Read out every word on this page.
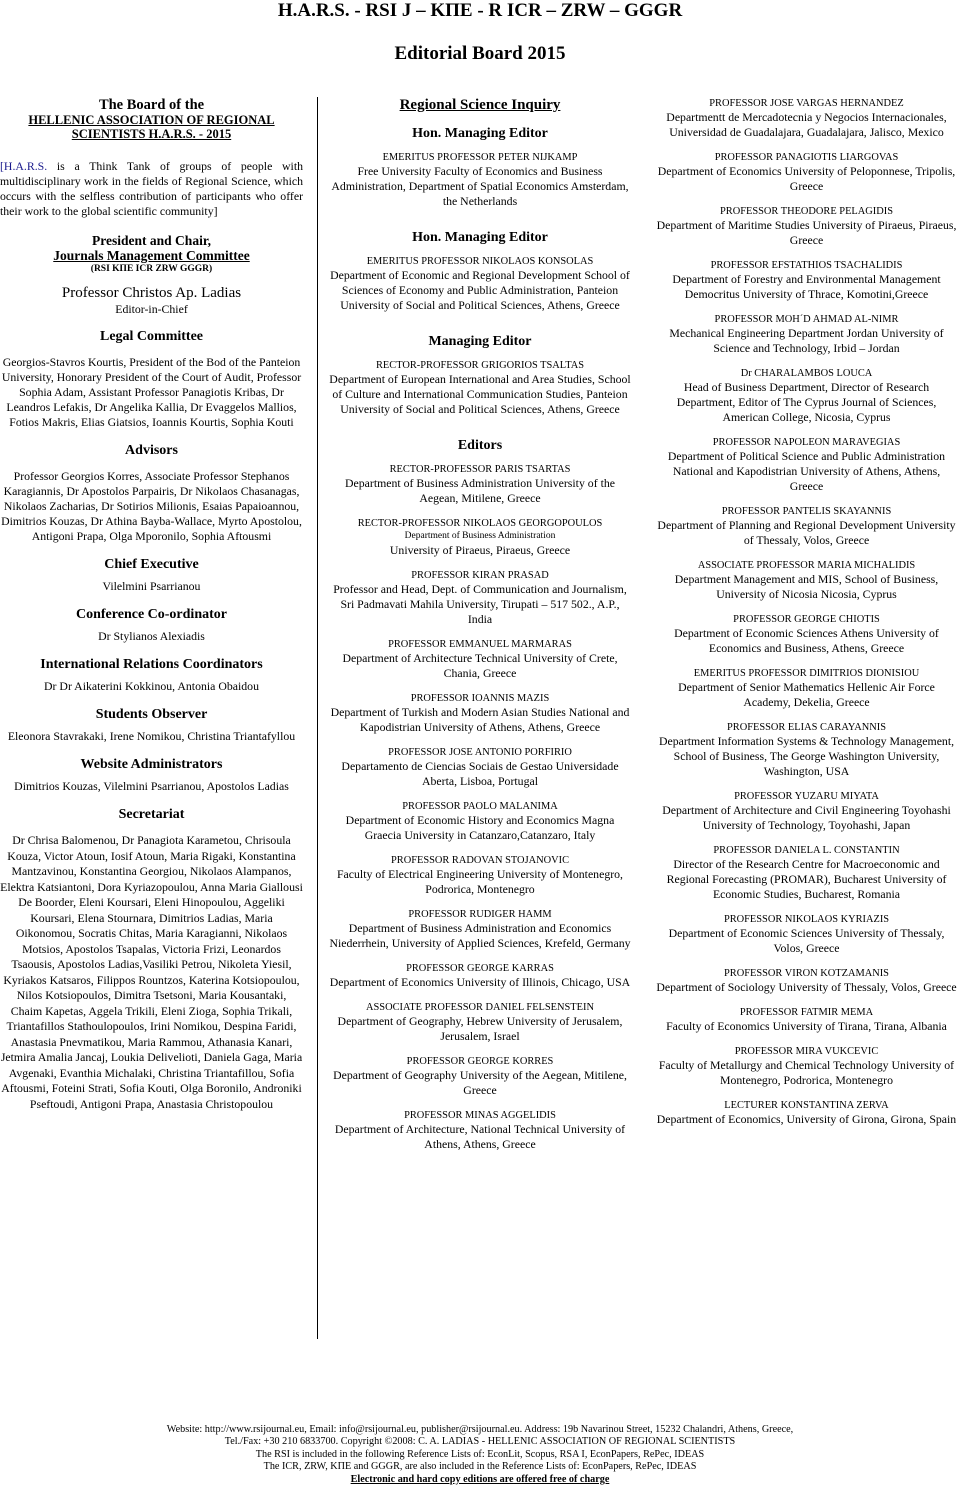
H.A.R.S. - RSI J – ΚΠΕ - R ICR – ZRW – GGGR
Editorial Board 2015

The Board of the

HELLENIC ASSOCIATION OF REGIONAL

SCIENTISTS H.A.R.S. - 2015

[H.A.R.S. is a Think Tank of groups of people with multidisciplinary work in the fields of Regional Science, which occurs with the selfless contribution of participants who offer their work to the global scientific community]

President and Chair,

Journals Management Committee

(RSI ΚΠΕ ICR ZRW GGGR)

Professor Christos Ap. Ladias

Editor-in-Chief

Legal Committee

Georgios-Stavros Kourtis, President of the Bod of the Panteion University, Honorary President of the Court of Audit, Professor Sophia Adam, Assistant Professor Panagiotis Kribas, Dr Leandros Lefakis, Dr Angelika Kallia, Dr Evaggelos Mallios, Fotios Makris, Elias Giatsios, Ioannis Kourtis, Sophia Kouti

Advisors

Professor Georgios Korres, Associate Professor Stephanos Karagiannis, Dr Apostolos Parpairis, Dr Nikolaos Chasanagas, Nikolaos Zacharias, Dr Sotirios Milionis, Esaias Papaioannou, Dimitrios Kouzas, Dr Athina Bayba-Wallace, Myrto Apostolou, Antigoni Prapa, Olga Mporonilo, Sophia Aftousmi

Chief Executive

Vilelmini Psarrianou

Conference Co-ordinator

Dr Stylianos Alexiadis

International Relations Coordinators

Dr Dr Aikaterini Kokkinou, Antonia Obaidou

Students Observer

Eleonora Stavrakaki, Irene Nomikou, Christina Triantafyllou

Website Administrators

Dimitrios Kouzas, Vilelmini Psarrianou, Apostolos Ladias

Secretariat

Dr Chrisa Balomenou, Dr Panagiota Karametou, Chrisoula Kouza, Victor Atoun, Iosif Atoun, Maria Rigaki, Konstantina Mantzavinou, Konstantina Georgiou, Nikolaos Alampanos, Elektra Katsiantoni, Dora Kyriazopoulou, Anna Maria Giallousi De Boorder, Eleni Koursari, Eleni Hinopoulou, Aggeliki Koursari, Elena Stournara, Dimitrios Ladias, Maria Oikonomou, Socratis Chitas, Maria Karagianni, Nikolaos Motsios, Apostolos Tsapalas, Victoria Frizi, Leonardos Tsaousis, Apostolos Ladias,Vasiliki Petrou, Nikoleta Yiesil, Kyriakos Katsaros, Filippos Rountzos, Katerina Kotsiopoulou, Nilos Kotsiopoulos, Dimitra Tsetsoni, Maria Kousantaki, Chaim Kapetas, Aggela Trikili, Eleni Zioga, Sophia Trikali, Triantafillos Stathoulopoulos, Irini Nomikou, Despina Faridi, Anastasia Pnevmatikou, Maria Rammou, Athanasia Kanari, Jetmira Amalia Jancaj, Loukia Delivelioti, Daniela Gaga, Maria Avgenaki, Evanthia Michalaki, Christina Triantafillou, Sofia Aftousmi, Foteini Strati, Sofia Kouti, Olga Boronilo, Androniki Pseftoudi, Antigoni Prapa, Anastasia Christopoulou

Regional Science Inquiry

Hon. Managing Editor

EMERITUS PROFESSOR PETER NIJKAMP

Free University Faculty of Economics and Business Administration, Department of Spatial Economics Amsterdam, the Netherlands

Hon. Managing Editor

EMERITUS PROFESSOR NIKOLAOS KONSOLAS

Department of Economic and Regional Development School of Sciences of Economy and Public Administration, Panteion University of Social and Political Sciences, Athens, Greece

Managing Editor

RECTOR-PROFESSOR GRIGORIOS TSALTAS

Department of European International and Area Studies, School of Culture and International Communication Studies, Panteion University of Social and Political Sciences, Athens, Greece

Editors

RECTOR-PROFESSOR PARIS TSARTAS

Department of Business Administration University of the Aegean, Mitilene, Greece

RECTOR-PROFESSOR NIKOLAOS GEORGOPOULOS

Department of Business Administration

University of Piraeus, Piraeus, Greece

PROFESSOR KIRAN PRASAD

Professor and Head, Dept. of Communication and Journalism, Sri Padmavati Mahila University, Tirupati – 517 502., A.P., India

PROFESSOR EMMANUEL MARMARAS

Department of Architecture Technical University of Crete, Chania, Greece

PROFESSOR IOANNIS MAZIS

Department of Turkish and Modern Asian Studies National and Kapodistrian University of Athens, Athens, Greece

PROFESSOR JOSE ANTONIO PORFIRIO

Departamento de Ciencias Sociais de Gestao Universidade Aberta, Lisboa, Portugal

PROFESSOR PAOLO MALANIMA

Department of Economic History and Economics Magna Graecia University in Catanzaro,Catanzaro, Italy

PROFESSOR RADOVAN STOJANOVIC

Faculty of Electrical Engineering University of Montenegro, Podrorica, Montenegro

PROFESSOR RUDIGER HAMM

Department of Business Administration and Economics Niederrhein, University of Applied Sciences, Krefeld, Germany

PROFESSOR GEORGE KARRAS

Department of Economics University of Illinois, Chicago, USA

ASSOCIATE PROFESSOR DANIEL FELSENSTEIN

Department of Geography, Hebrew University of Jerusalem, Jerusalem, Israel

PROFESSOR GEORGE KORRES

Department of Geography University of the Aegean, Mitilene, Greece

PROFESSOR MINAS AGGELIDIS

Department of Architecture, National Technical University of Athens, Athens, Greece

PROFESSOR JOSE VARGAS HERNANDEZ

Departmentt de Mercadotecnia y Negocios Internacionales, Universidad de Guadalajara, Guadalajara, Jalisco, Mexico

PROFESSOR PANAGIOTIS LIARGOVAS

Department of Economics University of Peloponnese, Tripolis, Greece

PROFESSOR THEODORE PELAGIDIS

Department of Maritime Studies University of Piraeus, Piraeus, Greece

PROFESSOR EFSTATHIOS TSACHALIDIS

Department of Forestry and Environmental Management Democritus University of Thrace, Komotini,Greece

PROFESSOR MOH´D AHMAD AL-NIMR

Mechanical Engineering Department Jordan University of Science and Technology, Irbid – Jordan

Dr CHARALAMBOS LOUCA

Head of Business Department, Director of Research Department, Editor of The Cyprus Journal of Sciences, American College, Nicosia, Cyprus

PROFESSOR NAPOLEON MARAVEGIAS

Department of Political Science and Public Administration National and Kapodistrian University of Athens, Athens, Greece

PROFESSOR PANTELIS SKAYANNIS

Department of Planning and Regional Development University of Thessaly, Volos, Greece

ASSOCIATE PROFESSOR MARIA MICHALIDIS

Department Management and MIS, School of Business, University of Nicosia Nicosia, Cyprus

PROFESSOR GEORGE CHIOTIS

Department of Economic Sciences Athens University of Economics and Business, Athens, Greece

EMERITUS PROFESSOR DIMITRIOS DIONISIOU

Department of Senior Mathematics Hellenic Air Force Academy, Dekelia, Greece

PROFESSOR ELIAS CARAYANNIS

Department Information Systems & Technology Management, School of Business, The George Washington University, Washington, USA

PROFESSOR YUZARU MIYATA

Department of Architecture and Civil Engineering Toyohashi University of Technology, Toyohashi, Japan

PROFESSOR DANIELA L. CONSTANTIN

Director of the Research Centre for Macroeconomic and Regional Forecasting (PROMAR), Bucharest University of Economic Studies, Bucharest, Romania

PROFESSOR NIKOLAOS KYRIAZIS

Department of Economic Sciences University of Thessaly, Volos, Greece

PROFESSOR VIRON KOTZAMANIS

Department of Sociology University of Thessaly, Volos, Greece

PROFESSOR FATMIR MEMA

Faculty of Economics University of Tirana, Tirana, Albania

PROFESSOR MIRA VUKCEVIC

Faculty of Metallurgy and Chemical Technology University of Montenegro, Podrorica, Montenegro

LECTURER KONSTANTINA ZERVA

Department of Economics, University of Girona, Girona, Spain

Website: http://www.rsijournal.eu, Email: info@rsijournal.eu, publisher@rsijournal.eu. Address: 19b Navarinou Street, 15232 Chalandri, Athens, Greece,
Tel./Fax: +30 210 6833700. Copyright ©2008: C. A. LADIAS - HELLENIC ASSOCIATION OF REGIONAL SCIENTISTS
The RSI is included in the following Reference Lists of: EconLit, Scopus, RSA I, EconPapers, RePec, IDEAS
The ICR, ZRW, ΚΠΕ and GGGR, are also included in the Reference Lists of: EconPapers, RePec, IDEAS
Electronic and hard copy editions are offered free of charge
